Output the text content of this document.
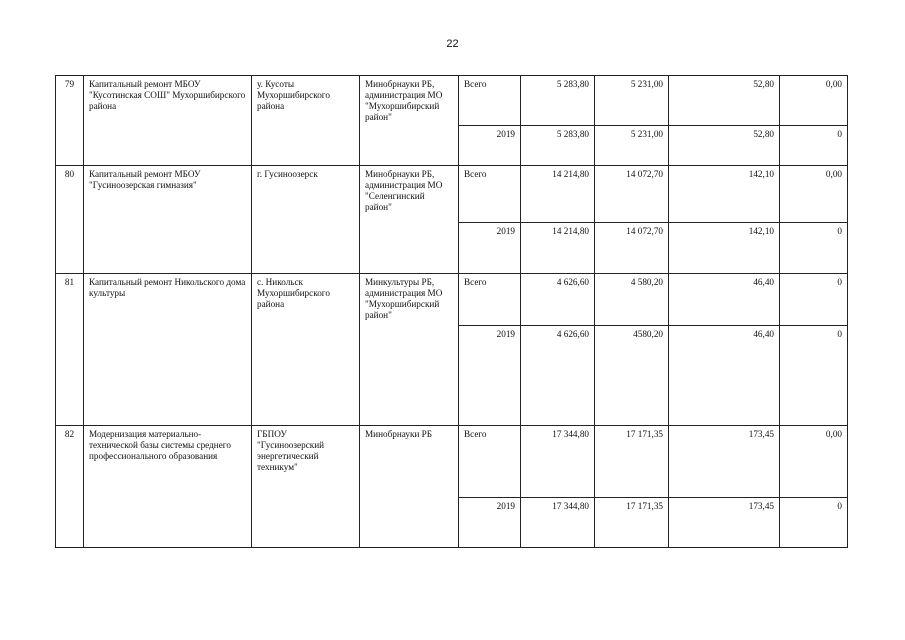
22
79	Капитальный ремонт МБОУ "Кусотинская СОШ" Мухоршибирского района	у. Кусоты Мухоршибирского района	Минобрнауки РБ, администрация МО "Мухоршибирский район"	Всего	5 283,80	5 231,00	52,80	0,00
				2019	5 283,80	5 231,00	52,80	0
80	Капитальный ремонт МБОУ "Гусиноозерская гимназия"	г. Гусиноозерск	Минобрнауки РБ, администрация МО "Селенгинский район"	Всего	14 214,80	14 072,70	142,10	0,00
				2019	14 214,80	14 072,70	142,10	0
81	Капитальный ремонт Никольского дома культуры	с. Никольск Мухоршибирского района	Минкультуры РБ, администрация МО "Мухоршибирский район"	Всего	4 626,60	4 580,20	46,40	0
				2019	4 626,60	4580,20	46,40	0
82	Модернизация материально-технической базы системы среднего профессионального образования	ГБПОУ "Гусиноозерский энергетический техникум"	Минобрнауки РБ	Всего	17 344,80	17 171,35	173,45	0,00
				2019	17 344,80	17 171,35	173,45	0
